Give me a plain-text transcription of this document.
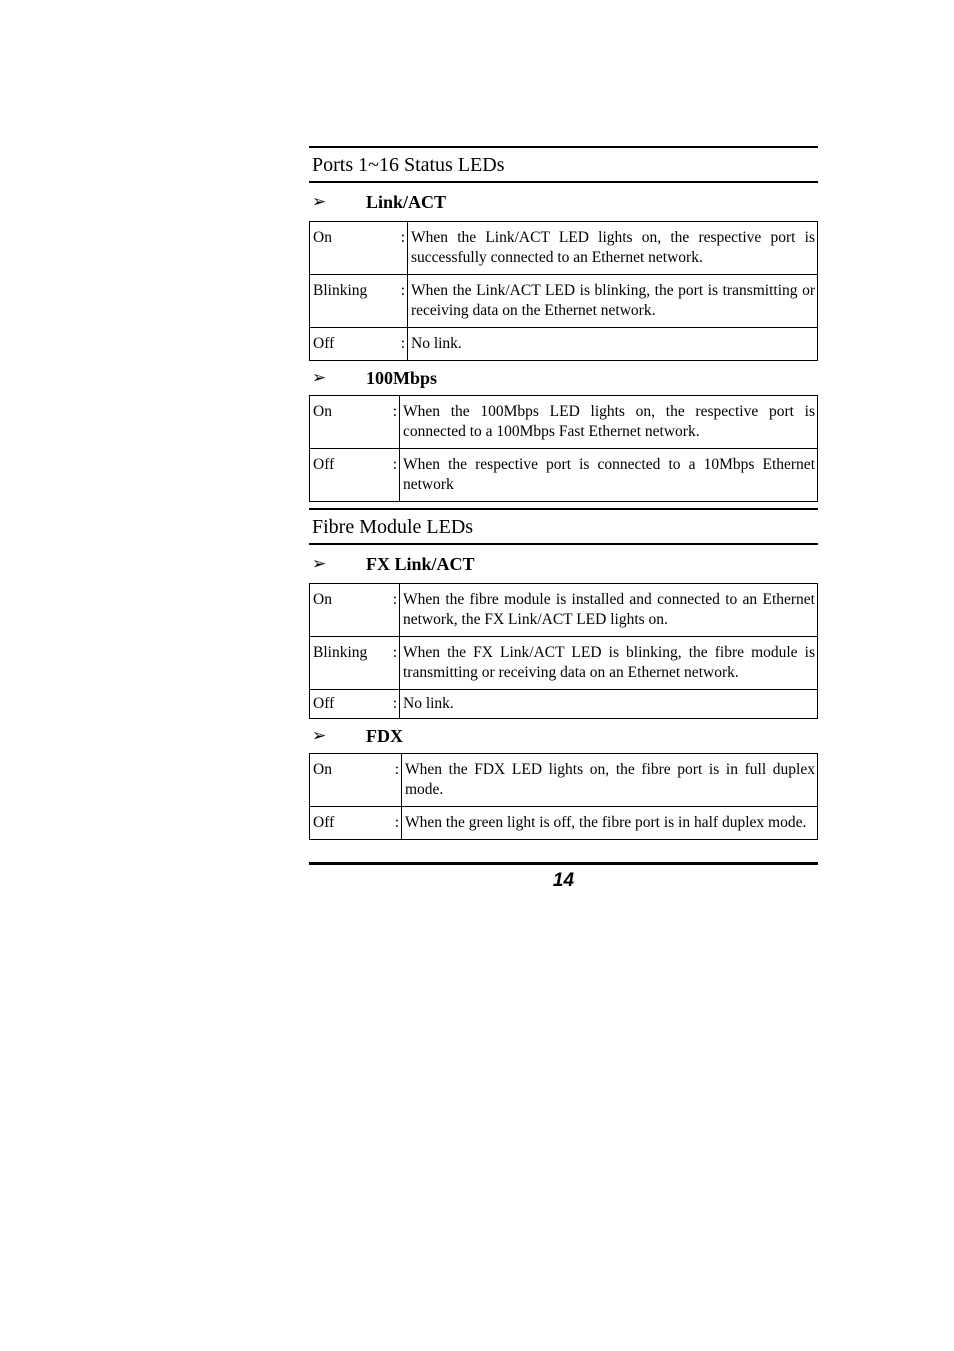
Ports 1~16 Status LEDs
➢	Link/ACT
On :	When the Link/ACT LED lights on, the respective port is successfully connected to an Ethernet network.

Blinking :	When the Link/ACT LED is blinking, the port is transmitting or receiving data on the Ethernet network.

Off :	No link.
➢	100Mbps
On :	When the 100Mbps LED lights on, the respective port is connected to a 100Mbps Fast Ethernet network.

Off :	When the respective port is connected to a 10Mbps Ethernet network
Fibre Module LEDs
➢	FX Link/ACT
On :	When the fibre module is installed and connected to an Ethernet network, the FX Link/ACT LED lights on.

Blinking :	When the FX Link/ACT LED is blinking, the fibre module is transmitting or receiving data on an Ethernet network.

Off :	No link.
➢	FDX
On :	When the FDX LED lights on, the fibre port is in full duplex mode.

Off :	When the green light is off, the fibre port is in half duplex mode.
14
